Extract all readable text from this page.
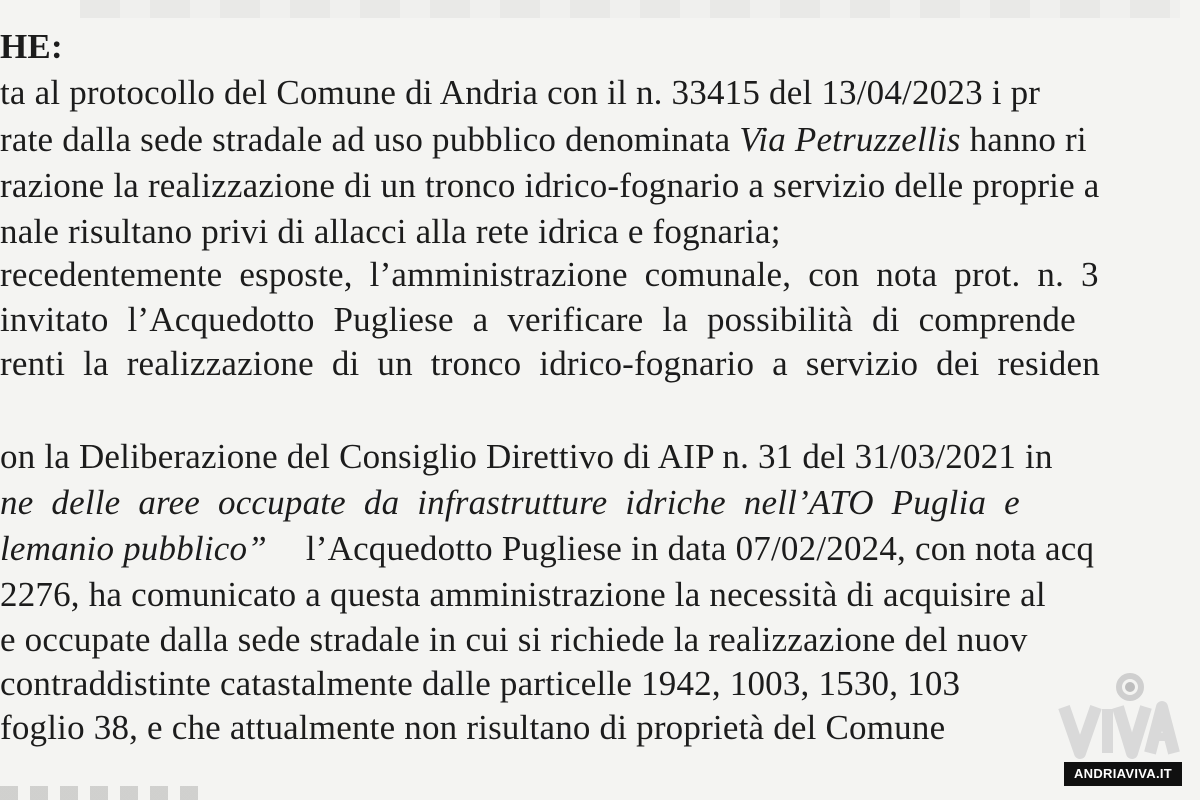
HE:
ta al protocollo del Comune di Andria con il n. 33415 del 13/04/2023 i pr
rate dalla sede stradale ad uso pubblico denominata Via Petruzzellis hanno ri
razione la realizzazione di un tronco idrico-fognario a servizio delle proprie a
nale risultano privi di allacci alla rete idrica e fognaria;
recedentemente esposte, l’amministrazione comunale, con nota prot. n. 3
invitato l’Acquedotto Pugliese a verificare la possibilità di comprende
renti la realizzazione di un tronco idrico-fognario a servizio dei residen
on la Deliberazione del Consiglio Direttivo di AIP n. 31 del 31/03/2021 in
ne delle aree occupate da infrastrutture idriche nell’ATO Puglia e
lemanio pubblico” l’Acquedotto Pugliese in data 07/02/2024, con nota acq
2276, ha comunicato a questa amministrazione la necessità di acquisire al
e occupate dalla sede stradale in cui si richiede la realizzazione del nuov
contraddistinte catastalmente dalle particelle 1942, 1003, 1530, 103
foglio 38, e che attualmente non risultano di proprietà del Comune
ANDRIAVIVA.IT
